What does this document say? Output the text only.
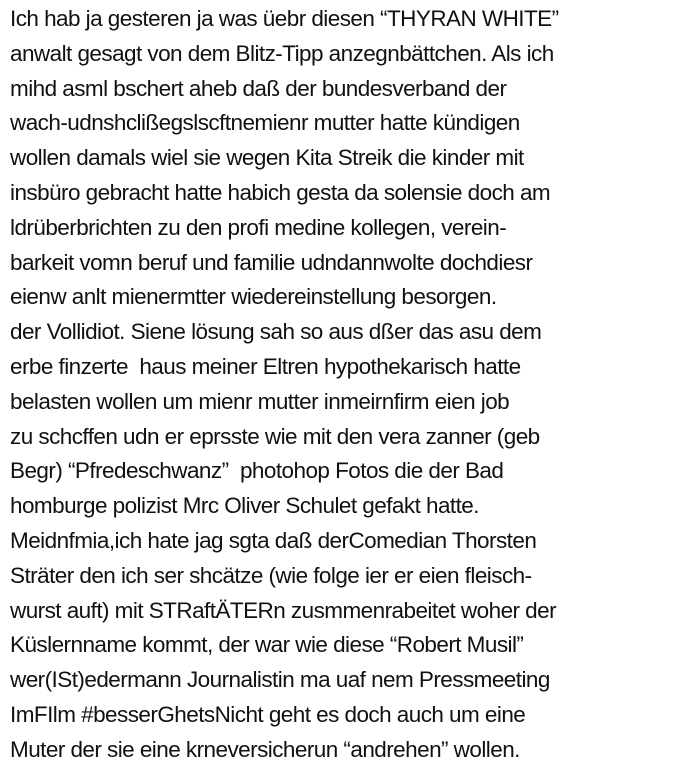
Ich hab ja gesteren ja was üebr diesen “THYRAN WHITE”
anwalt gesagt von dem Blitz-Tipp anzegnbättchen. Als ich
mihd asml bschert aheb daß der bundesverband der
wach-udnshclißegslscftnemienr mutter hatte kündigen
wollen damals wiel sie wegen Kita Streik die kinder mit
insbüro gebracht hatte habich gesta da solensie doch am
ldrüberbrichten zu den profi medine kollegen, verein-
barkeit vomn beruf und familie udndannwolte dochdiesr
eienw anlt mienermtter wiedereinstellung besorgen.
der Vollidiot. Siene lösung sah so aus dßer das asu dem
erbe finzerte  haus meiner Eltren hypothekarisch hatte
belasten wollen um mienr mutter inmeirnfirm eien job
zu schcffen udn er eprsste wie mit den vera zanner (geb
Begr) “Pfredeschwanz”  photohop Fotos die der Bad
homburge polizist Mrc Oliver Schulet gefakt hatte.
Meidnfmia,ich hate jag sgta daß derComedian Thorsten
Sträter den ich ser shcätze (wie folge ier er eien fleisch-
wurst auft) mit STRaftÄTERn zusmmenrabeitet woher der
Küslernname kommt, der war wie diese “Robert Musil”
wer(ISt)edermann Journalistin ma uaf nem Pressmeeting
ImFIlm #besserGhetsNicht geht es doch auch um eine
Muter der sie eine krneversicherun “andrehen” wollen.
